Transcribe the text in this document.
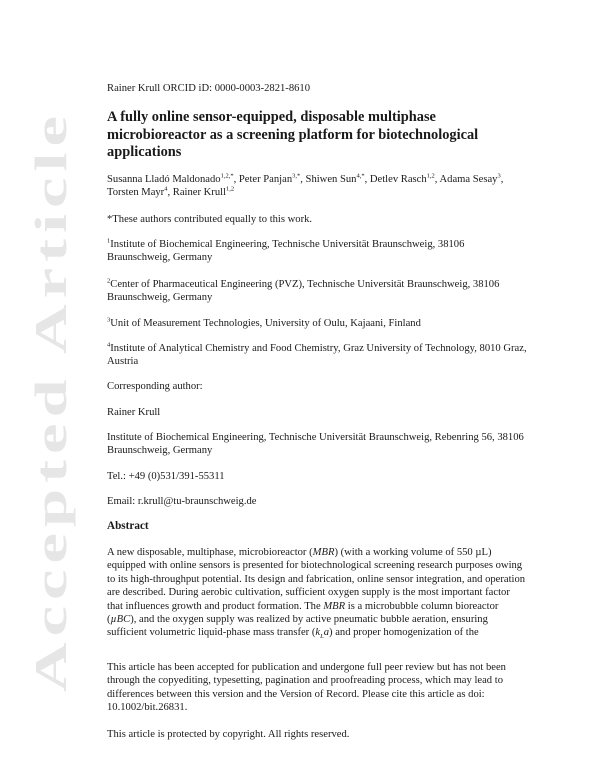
Accepted Article
Rainer Krull ORCID iD: 0000-0003-2821-8610
A fully online sensor-equipped, disposable multiphase microbioreactor as a screening platform for biotechnological applications
Susanna Lladó Maldonado$^{1,2,*}$, Peter Panjan$^{3,*}$, Shiwen Sun$^{4,*}$, Detlev Rasch$^{1,2}$, Adama Sesay$^3$, Torsten Mayr$^4$, Rainer Krull$^{1,2}$
*These authors contributed equally to this work.
$^1$Institute of Biochemical Engineering, Technische Universität Braunschweig, 38106 Braunschweig, Germany
$^2$Center of Pharmaceutical Engineering (PVZ), Technische Universität Braunschweig, 38106 Braunschweig, Germany
$^3$Unit of Measurement Technologies, University of Oulu, Kajaani, Finland
$^4$Institute of Analytical Chemistry and Food Chemistry, Graz University of Technology, 8010 Graz, Austria
Corresponding author:
Rainer Krull
Institute of Biochemical Engineering, Technische Universität Braunschweig, Rebenring 56, 38106 Braunschweig, Germany
Tel.: +49 (0)531/391-55311
Email: r.krull@tu-braunschweig.de
Abstract
A new disposable, multiphase, microbioreactor (MBR) (with a working volume of 550 µL) equipped with online sensors is presented for biotechnological screening research purposes owing to its high-throughput potential. Its design and fabrication, online sensor integration, and operation are described. During aerobic cultivation, sufficient oxygen supply is the most important factor that influences growth and product formation. The MBR is a microbubble column bioreactor (µBC), and the oxygen supply was realized by active pneumatic bubble aeration, ensuring sufficient volumetric liquid-phase mass transfer $(k_La)$ and proper homogenization of the
This article has been accepted for publication and undergone full peer review but has not been through the copyediting, typesetting, pagination and proofreading process, which may lead to differences between this version and the Version of Record. Please cite this article as doi: 10.1002/bit.26831.
This article is protected by copyright. All rights reserved.
